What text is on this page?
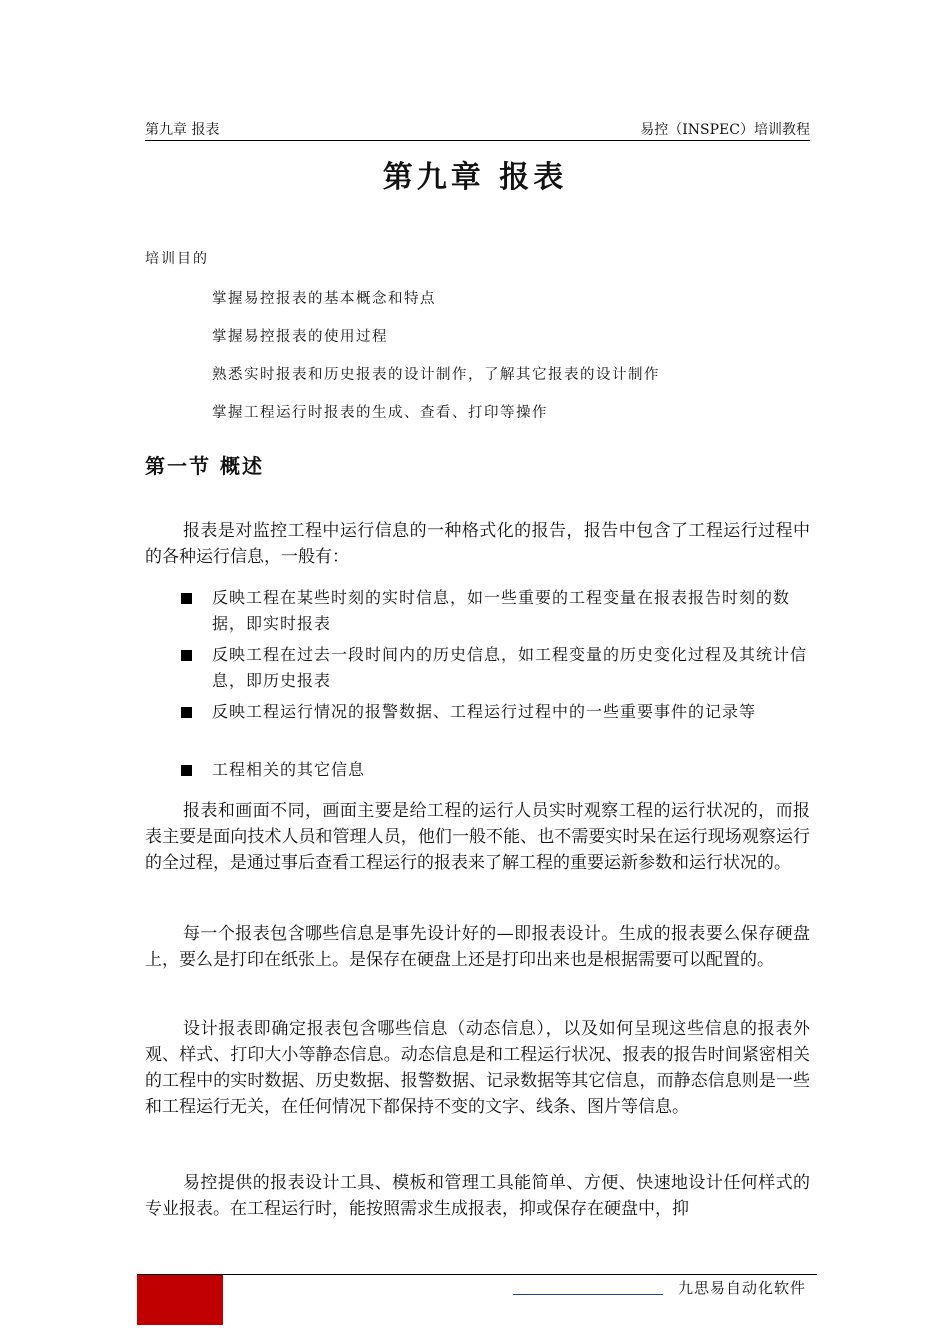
第九章 报表	易控（INSPEC）培训教程
第九章 报表
培训目的
掌握易控报表的基本概念和特点
掌握易控报表的使用过程
熟悉实时报表和历史报表的设计制作，了解其它报表的设计制作
掌握工程运行时报表的生成、查看、打印等操作
第一节 概述
报表是对监控工程中运行信息的一种格式化的报告，报告中包含了工程运行过程中的各种运行信息，一般有：
反映工程在某些时刻的实时信息，如一些重要的工程变量在报表报告时刻的数据，即实时报表
反映工程在过去一段时间内的历史信息，如工程变量的历史变化过程及其统计信息，即历史报表
反映工程运行情况的报警数据、工程运行过程中的一些重要事件的记录等
工程相关的其它信息
报表和画面不同，画面主要是给工程的运行人员实时观察工程的运行状况的，而报表主要是面向技术人员和管理人员，他们一般不能、也不需要实时呆在运行现场观察运行的全过程，是通过事后查看工程运行的报表来了解工程的重要运新参数和运行状况的。
每一个报表包含哪些信息是事先设计好的—即报表设计。生成的报表要么保存硬盘上，要么是打印在纸张上。是保存在硬盘上还是打印出来也是根据需要可以配置的。
设计报表即确定报表包含哪些信息（动态信息），以及如何呈现这些信息的报表外观、样式、打印大小等静态信息。动态信息是和工程运行状况、报表的报告时间紧密相关的工程中的实时数据、历史数据、报警数据、记录数据等其它信息，而静态信息则是一些和工程运行无关，在任何情况下都保持不变的文字、线条、图片等信息。
易控提供的报表设计工具、模板和管理工具能简单、方便、快速地设计任何样式的专业报表。在工程运行时，能按照需求生成报表，抑或保存在硬盘中，抑
九思易自动化软件
